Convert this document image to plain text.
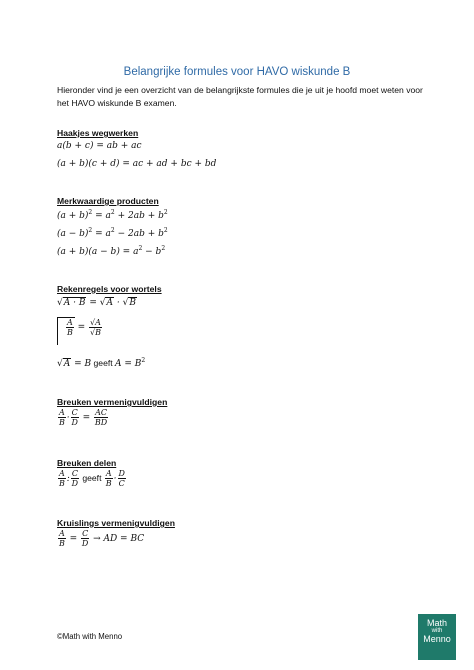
Belangrijke formules voor HAVO wiskunde B
Hieronder vind je een overzicht van de belangrijkste formules die je uit je hoofd moet weten voor het HAVO wiskunde B examen.
Haakjes wegwerken
a(b + c) = ab + ac
(a + b)(c + d) = ac + ad + bc + bd
Merkwaardige producten
$(a + b)^2 = a^2 + 2ab + b^2$
$(a - b)^2 = a^2 - 2ab + b^2$
$(a + b)(a - b) = a^2 - b^2$
Rekenregels voor wortels
√A · B = √A · √B
$\frac{A}{B} = \frac{√A}{√B}$
√A = B geeft $A = B^2$
Breuken vermenigvuldigen
$\frac{A}{B} \cdot \frac{C}{D} = \frac{AC}{BD}$
Breuken delen
$\frac{A}{B}$ : $\frac{C}{D}$ geeft $\frac{A}{B} \cdot \frac{D}{C}$
Kruislings vermenigvuldigen
$\frac{A}{B} = \frac{C}{D}$ → AD = BC
©Math with Menno
Math
with
Menno
